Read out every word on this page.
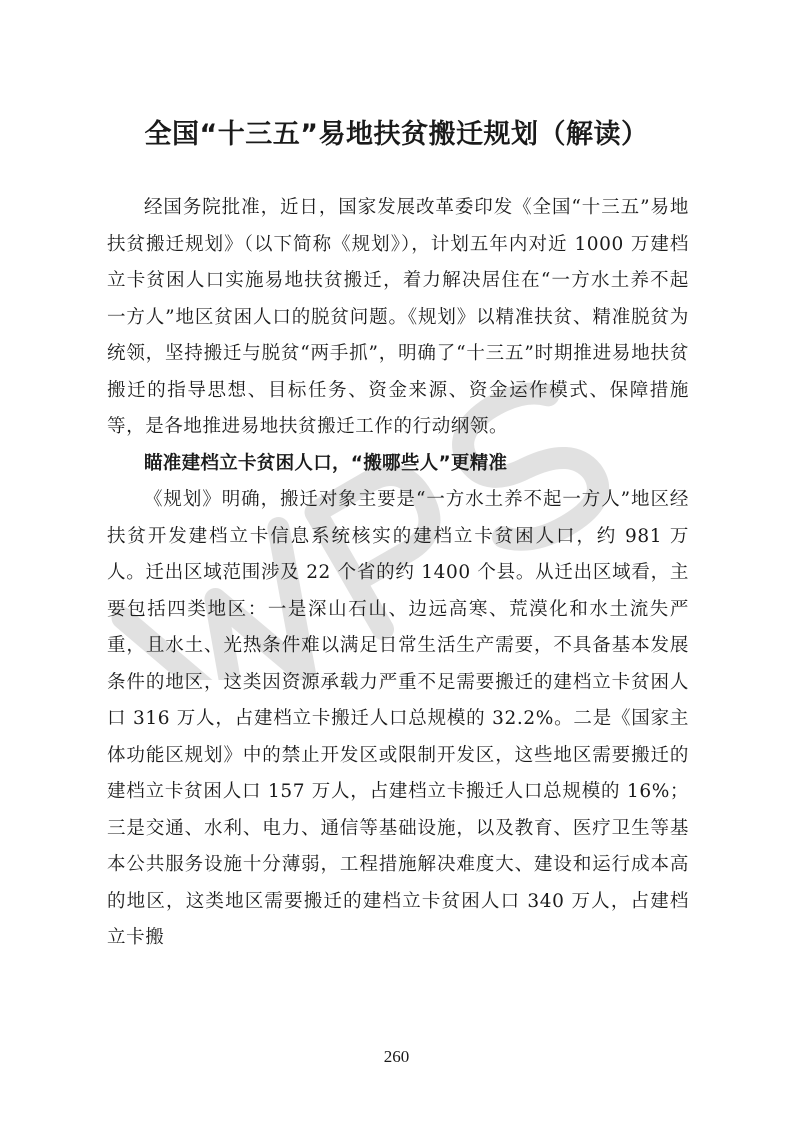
全国“十三五”易地扶贫搬迁规划（解读）

经国务院批准，近日，国家发展改革委印发《全国“十三五”易地扶贫搬迁规划》（以下简称《规划》），计划五年内对近 1000 万建档立卡贫困人口实施易地扶贫搬迁，着力解决居住在“一方水土养不起一方人”地区贫困人口的脱贫问题。《规划》以精准扶贫、精准脱贫为统领，坚持搬迁与脱贫“两手抓”，明确了“十三五”时期推进易地扶贫搬迁的指导思想、目标任务、资金来源、资金运作模式、保障措施等，是各地推进易地扶贫搬迁工作的行动纲领。

瞄准建档立卡贫困人口，“搬哪些人”更精准

《规划》明确，搬迁对象主要是“一方水土养不起一方人”地区经扶贫开发建档立卡信息系统核实的建档立卡贫困人口，约 981 万人。迁出区域范围涉及 22 个省的约 1400 个县。从迁出区域看，主要包括四类地区：一是深山石山、边远高寒、荒漠化和水土流失严重，且水土、光热条件难以满足日常生活生产需要，不具备基本发展条件的地区，这类因资源承载力严重不足需要搬迁的建档立卡贫困人口 316 万人，占建档立卡搬迁人口总规模的 32.2%。二是《国家主体功能区规划》中的禁止开发区或限制开发区，这些地区需要搬迁的建档立卡贫困人口 157 万人，占建档立卡搬迁人口总规模的 16%；三是交通、水利、电力、通信等基础设施，以及教育、医疗卫生等基本公共服务设施十分薄弱，工程措施解决难度大、建设和运行成本高的地区，这类地区需要搬迁的建档立卡贫困人口 340 万人，占建档立卡搬

260
